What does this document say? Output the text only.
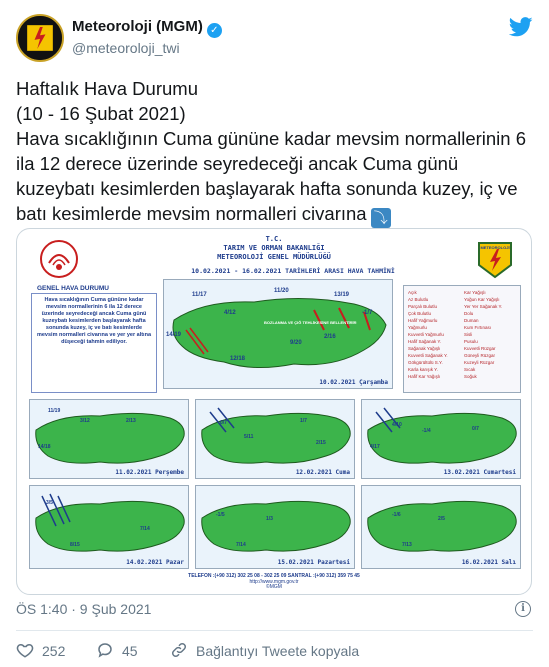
Meteoroloji (MGM) ✓
@meteoroloji_twi

Haftalık Hava Durumu

(10 - 16 Şubat 2021)

Hava sıcaklığının Cuma gününe kadar mevsim normallerinin 6

ila 12 derece üzerinde seyredeceği ancak Cuma günü

kuzeybatı kesimlerden başlayarak hafta sonunda kuzey, iç ve

batı kesimlerde mevsim normalleri civarına ⤵

T.C.
TARIM VE ORMAN BAKANLIĞI
METEOROLOJİ GENEL MÜDÜRLÜĞÜ
10.02.2021 - 16.02.2021 TARİHLERİ ARASI HAVA TAHMİNİ
METEOROLOJİ
GENEL HAVA DURUMU
Hava sıcaklığının Cuma gününe kadar mevsim normallerinin 6 ila 12 derece üzerinde seyredeceği ancak Cuma günü kuzeybatı kesimlerden başlayarak hafta sonunda kuzey, iç ve batı kesimlerde mevsim normalleri civarına ve yer yer altına düşeceği tahmin ediliyor.
11/17
11/20
13/19
4/12	-1/7
14/19
9/20
2/16
12/18
BOZLANMA VE ÇIĞ TEHLİKESİNE BELLENTİRİR
10.02.2021 Çarşamba
Açık
Az Bulutlu
Parçalı Bulutlu
Çok Bulutlu
Hafif Yağmurlu
Yağmurlu
Kuvvetli Yağmurlu
Hafif Sağanak Y.
Sağanak Yağışlı
Kuvvetli Sağanak Y.
Gökgürültülü S.Y.
Karla karışık Y.
Hafif Kar Yağışlı
Kar Yağışlı
Yoğun Kar Yağışlı
Yer Yer Sağanak Y.
Dolu
Duman
Kum Fırtınası
Sisli
Pusulu
Kuvvetli Rüzgar
Güneyli Rüzgar
Kuzeyli Rüzgar
Sıcak
Soğuk
11/19
3/12	2/13
14/18
11.02.2021 Perşembe
0/7
5/11
1/7
2/15
12.02.2021 Cuma
4/10
-1/4
4/17
0/7
13.02.2021 Cumartesi
3/5
7/14
8/15
14.02.2021 Pazar
-1/5
1/3
7/14
15.02.2021 Pazartesi
-1/6
2/5
7/13
16.02.2021 Salı
TELEFON :(+90 312) 302 25 08 - 302 25 09 SANTRAL :(+90 312) 359 75 45
http://www.mgm.gov.tr
©MGM
ÖS 1:40 · 9 Şub 2021	i
252	45	Bağlantıyı Tweete kopyala
